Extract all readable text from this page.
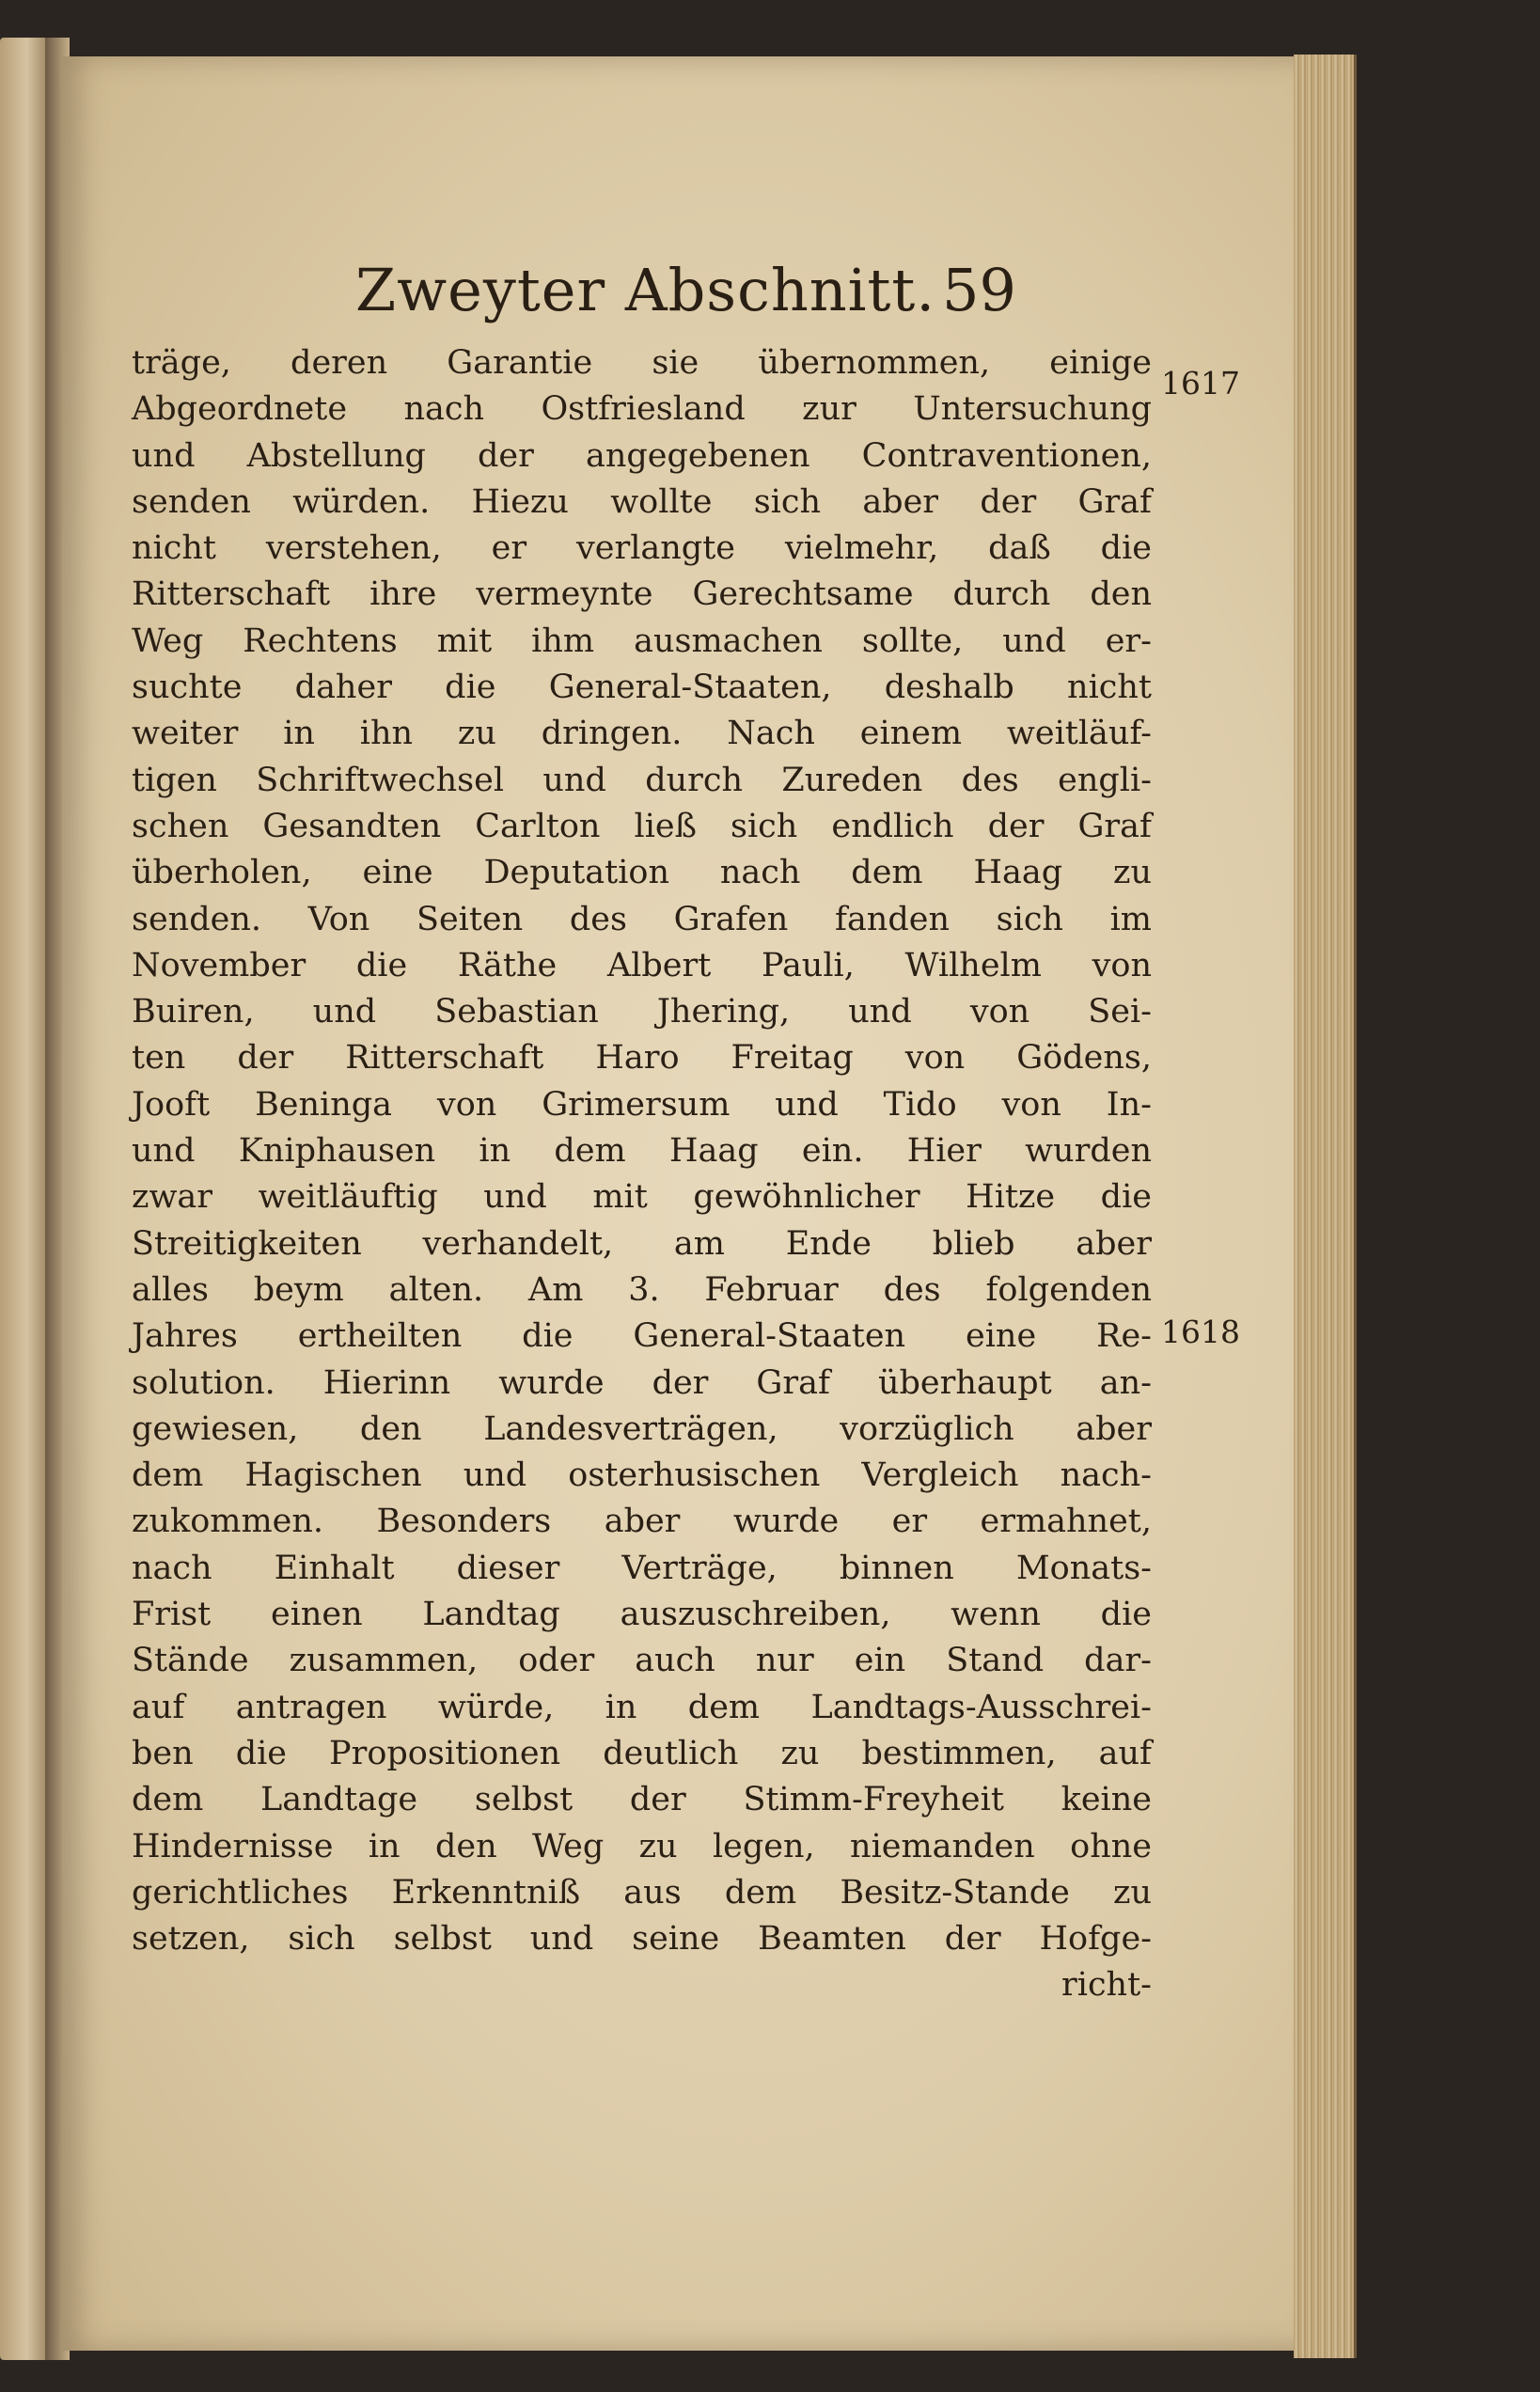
Zweyter Abschnitt. 59
träge, deren Garantie sie übernommen, einige
Abgeordnete nach Ostfriesland zur Untersuchung
und Abstellung der angegebenen Contraventionen,
senden würden. Hiezu wollte sich aber der Graf
nicht verstehen, er verlangte vielmehr, daß die
Ritterschaft ihre vermeynte Gerechtsame durch den
Weg Rechtens mit ihm ausmachen sollte, und er-
suchte daher die General-Staaten, deshalb nicht
weiter in ihn zu dringen. Nach einem weitläuf-
tigen Schriftwechsel und durch Zureden des engli-
schen Gesandten Carlton ließ sich endlich der Graf
überholen, eine Deputation nach dem Haag zu
senden. Von Seiten des Grafen fanden sich im
November die Räthe Albert Pauli, Wilhelm von
Buiren, und Sebastian Jhering, und von Sei-
ten der Ritterschaft Haro Freitag von Gödens,
Jooft Beninga von Grimersum und Tido von In-
und Kniphausen in dem Haag ein. Hier wurden
zwar weitläuftig und mit gewöhnlicher Hitze die
Streitigkeiten verhandelt, am Ende blieb aber
alles beym alten. Am 3. Februar des folgenden
Jahres ertheilten die General-Staaten eine Re-
solution. Hierinn wurde der Graf überhaupt an-
gewiesen, den Landesverträgen, vorzüglich aber
dem Hagischen und osterhusischen Vergleich nach-
zukommen. Besonders aber wurde er ermahnet,
nach Einhalt dieser Verträge, binnen Monats-
Frist einen Landtag auszuschreiben, wenn die
Stände zusammen, oder auch nur ein Stand dar-
auf antragen würde, in dem Landtags-Ausschrei-
ben die Propositionen deutlich zu bestimmen, auf
dem Landtage selbst der Stimm-Freyheit keine
Hindernisse in den Weg zu legen, niemanden ohne
gerichtliches Erkenntniß aus dem Besitz-Stande zu
setzen, sich selbst und seine Beamten der Hofge-
richt-
1617
1618
